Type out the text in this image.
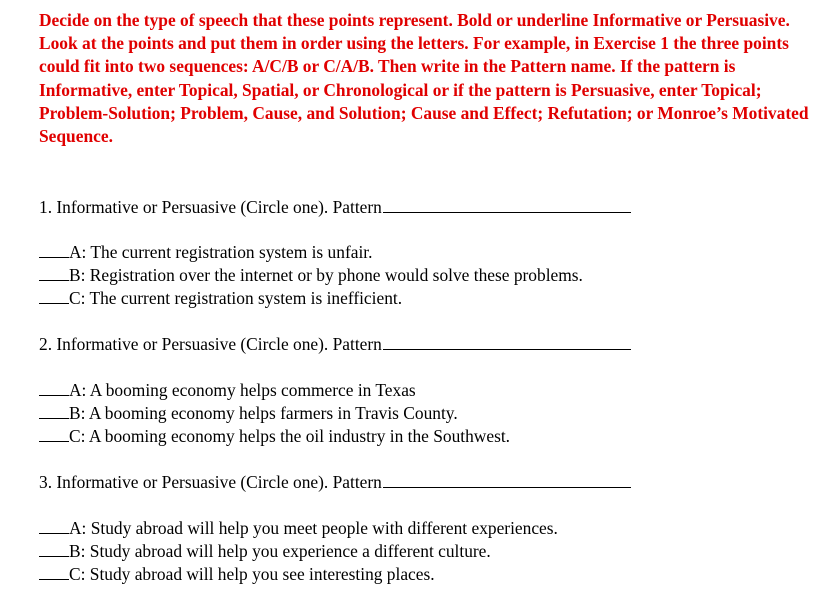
Decide on the type of speech that these points represent. Bold or underline Informative or Persuasive. Look at the points and put them in order using the letters. For example, in Exercise 1 the three points could fit into two sequences: A/C/B or C/A/B. Then write in the Pattern name. If the pattern is Informative, enter Topical, Spatial, or Chronological or if the pattern is Persuasive, enter Topical; Problem-Solution; Problem, Cause, and Solution; Cause and Effect; Refutation; or Monroe’s Motivated Sequence.

1. Informative or Persuasive (Circle one). Pattern

A: The current registration system is unfair.

B: Registration over the internet or by phone would solve these problems.

C: The current registration system is inefficient.

2. Informative or Persuasive (Circle one). Pattern

A: A booming economy helps commerce in Texas

B: A booming economy helps farmers in Travis County.

C: A booming economy helps the oil industry in the Southwest.

3. Informative or Persuasive (Circle one). Pattern

A: Study abroad will help you meet people with different experiences.

B: Study abroad will help you experience a different culture.

C: Study abroad will help you see interesting places.
